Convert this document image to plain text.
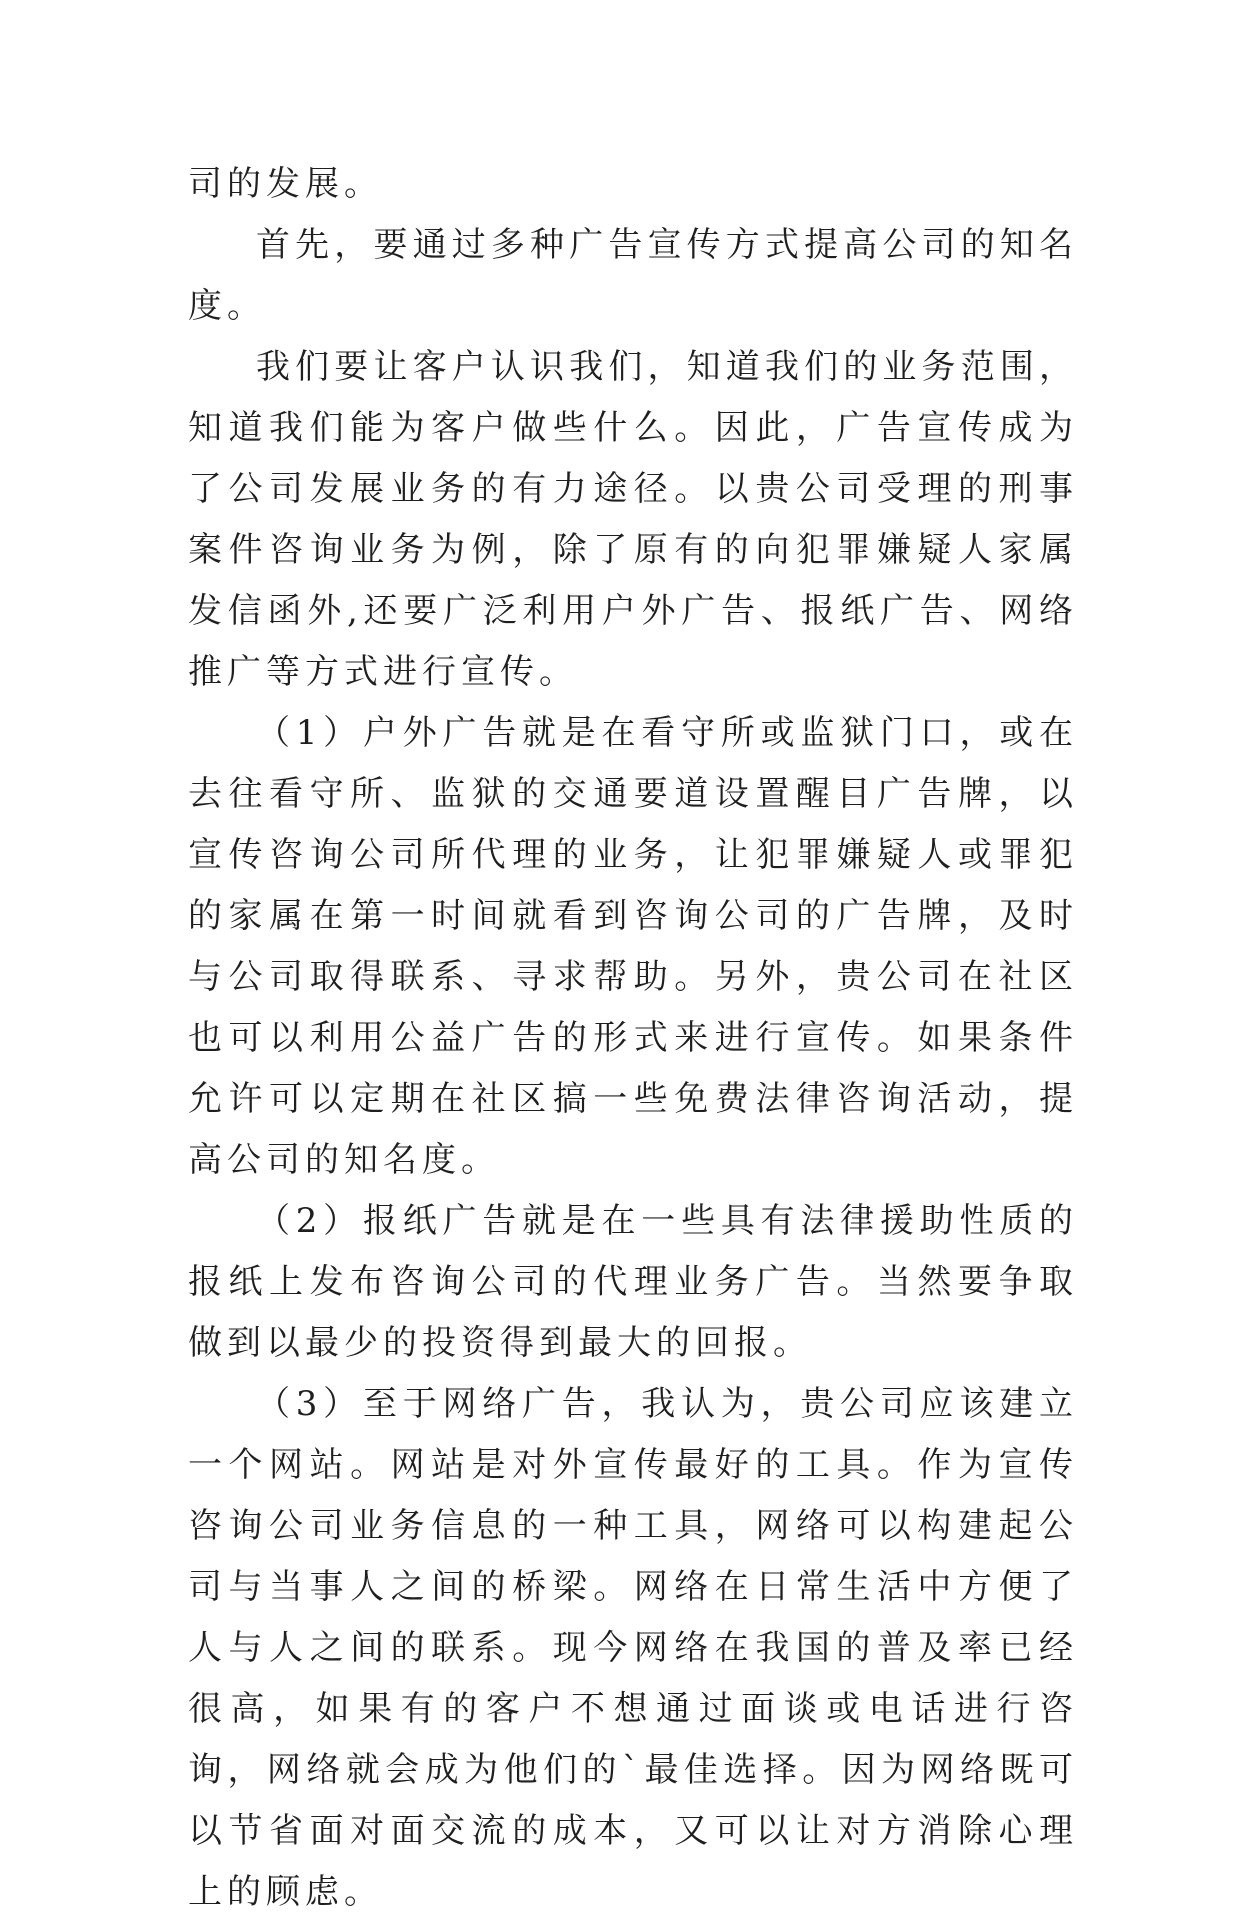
司的发展。

首先，要通过多种广告宣传方式提高公司的知名度。

我们要让客户认识我们，知道我们的业务范围，知道我们能为客户做些什么。因此，广告宣传成为了公司发展业务的有力途径。以贵公司受理的刑事案件咨询业务为例，除了原有的向犯罪嫌疑人家属发信函外,还要广泛利用户外广告、报纸广告、网络推广等方式进行宣传。

（1）户外广告就是在看守所或监狱门口，或在去往看守所、监狱的交通要道设置醒目广告牌，以宣传咨询公司所代理的业务，让犯罪嫌疑人或罪犯的家属在第一时间就看到咨询公司的广告牌，及时与公司取得联系、寻求帮助。另外，贵公司在社区也可以利用公益广告的形式来进行宣传。如果条件允许可以定期在社区搞一些免费法律咨询活动，提高公司的知名度。

（2）报纸广告就是在一些具有法律援助性质的报纸上发布咨询公司的代理业务广告。当然要争取做到以最少的投资得到最大的回报。

（3）至于网络广告，我认为，贵公司应该建立一个网站。网站是对外宣传最好的工具。作为宣传咨询公司业务信息的一种工具，网络可以构建起公司与当事人之间的桥梁。网络在日常生活中方便了人与人之间的联系。现今网络在我国的普及率已经很高，如果有的客户不想通过面谈或电话进行咨询，网络就会成为他们的`最佳选择。因为网络既可以节省面对面交流的成本，又可以让对方消除心理上的顾虑。
